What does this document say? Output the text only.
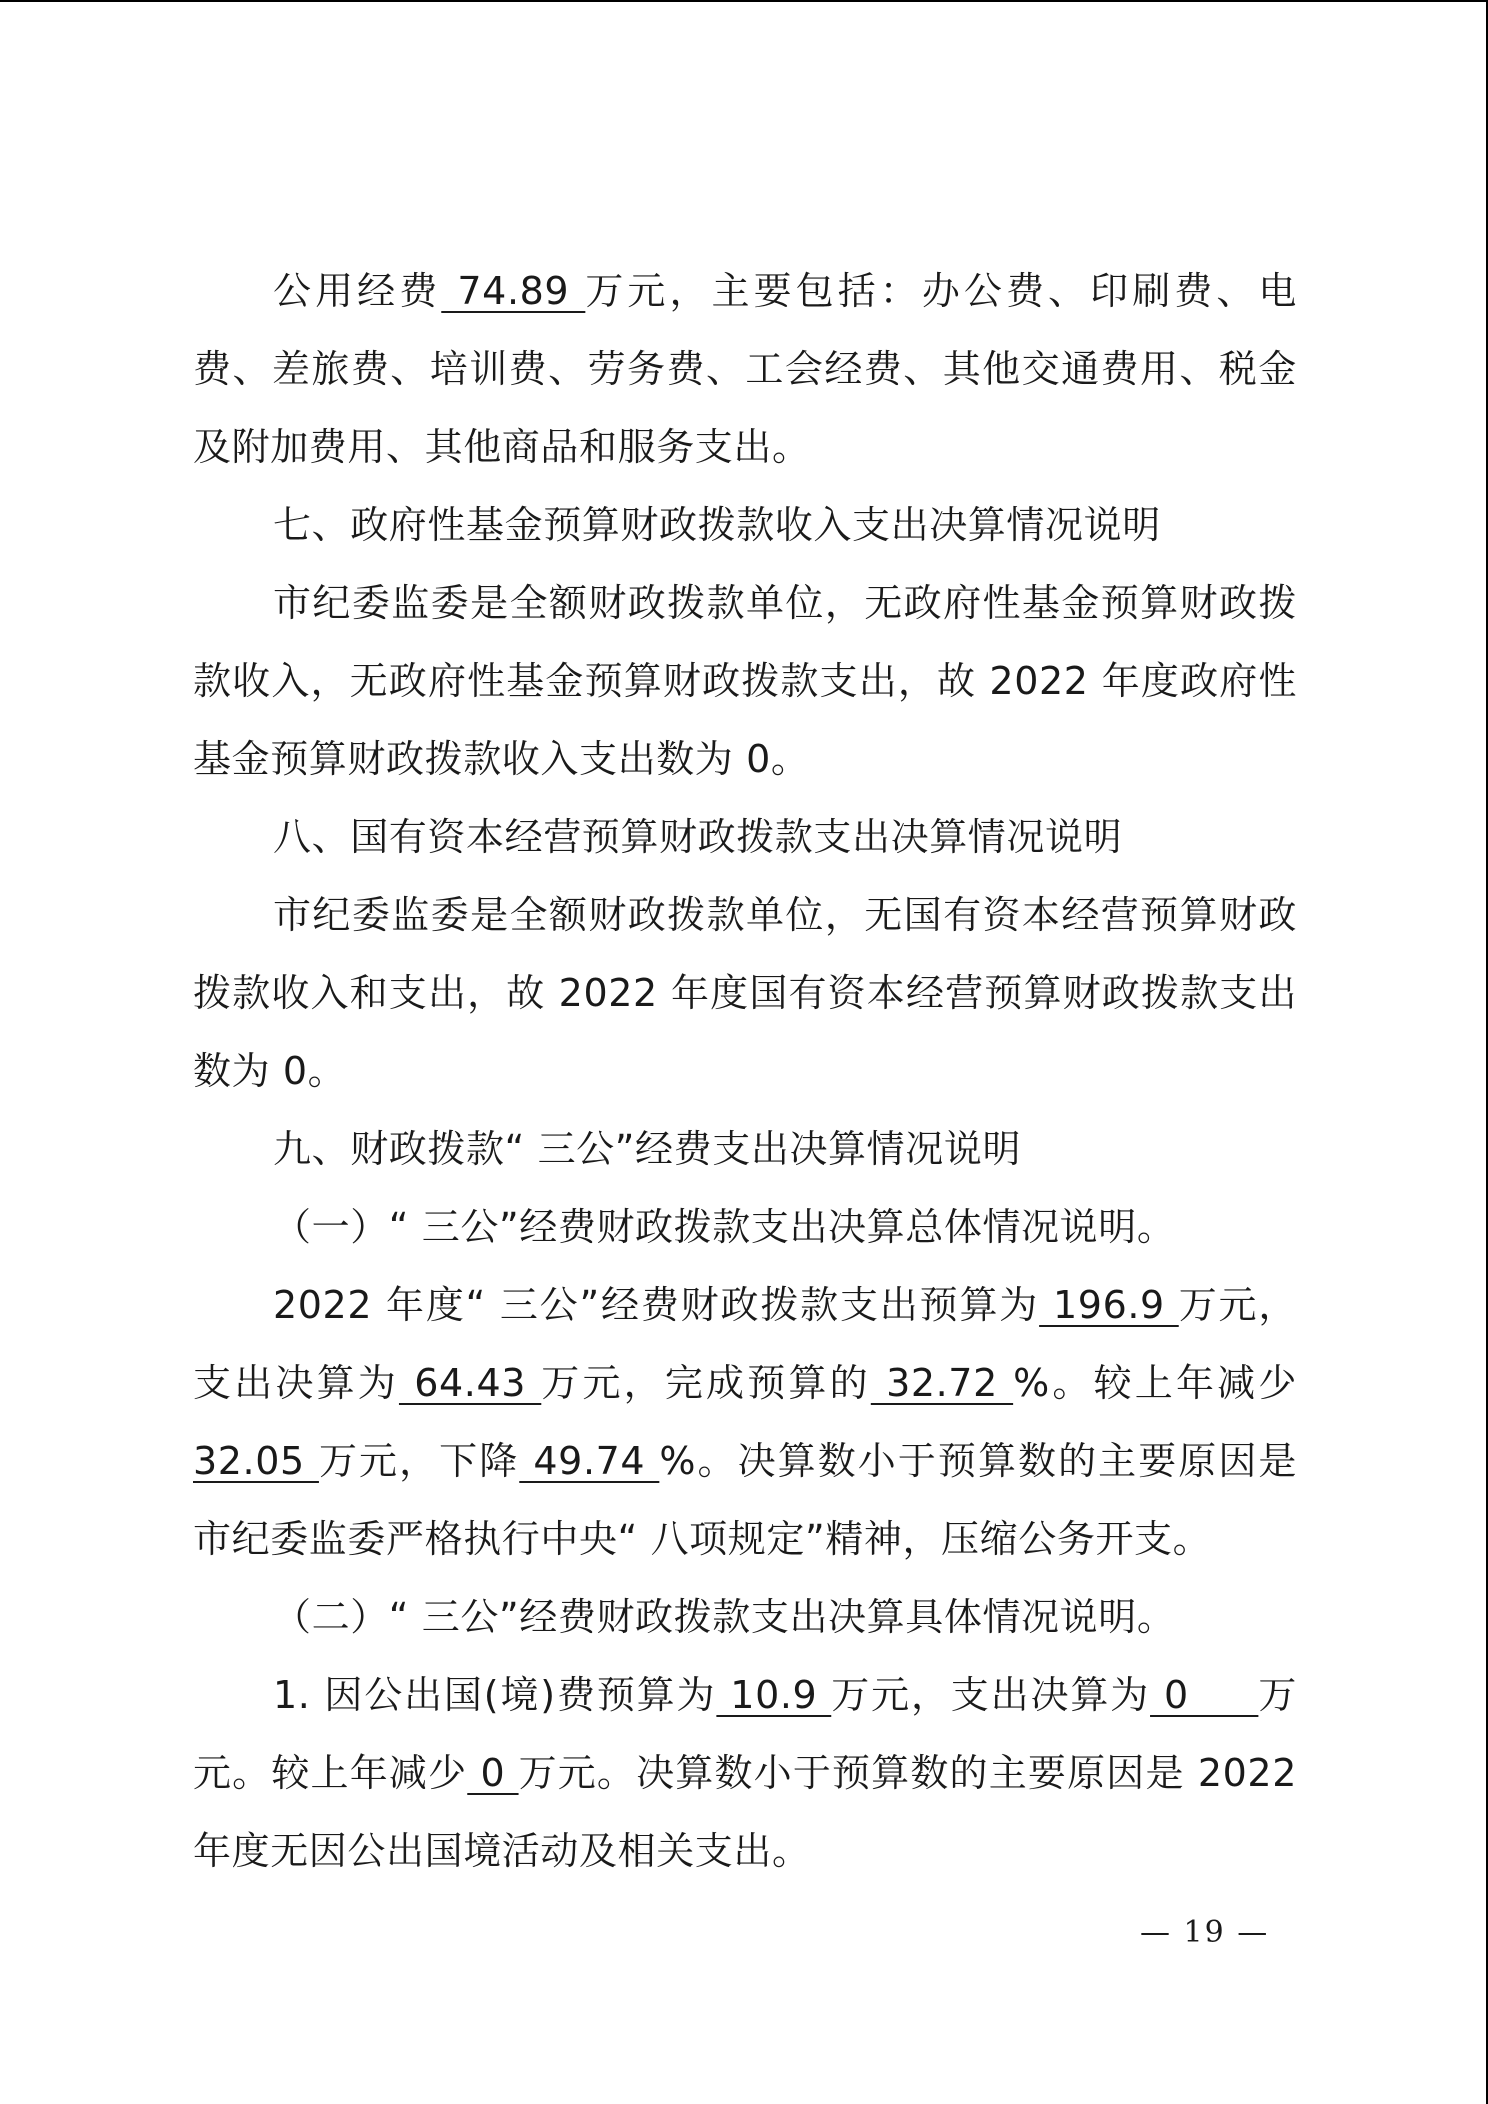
公用经费 74.89 万元，主要包括：办公费、印刷费、电费、差旅费、培训费、劳务费、工会经费、其他交通费用、税金及附加费用、其他商品和服务支出。

七、政府性基金预算财政拨款收入支出决算情况说明

市纪委监委是全额财政拨款单位，无政府性基金预算财政拨款收入，无政府性基金预算财政拨款支出，故 2022 年度政府性基金预算财政拨款收入支出数为 0。

八、国有资本经营预算财政拨款支出决算情况说明

市纪委监委是全额财政拨款单位，无国有资本经营预算财政拨款收入和支出，故 2022 年度国有资本经营预算财政拨款支出数为 0。

九、财政拨款“ 三公”经费支出决算情况说明

（一）“ 三公”经费财政拨款支出决算总体情况说明。

2022 年度“ 三公”经费财政拨款支出预算为 196.9 万元，支出决算为 64.43 万元，完成预算的 32.72 %。较上年减少32.05 万元，下降 49.74 %。决算数小于预算数的主要原因是市纪委监委严格执行中央“ 八项规定”精神，压缩公务开支。

（二）“ 三公”经费财政拨款支出决算具体情况说明。

1. 因公出国(境)费预算为 10.9 万元，支出决算为 0     万元。较上年减少 0 万元。决算数小于预算数的主要原因是 2022 年度无因公出国境活动及相关支出。

— 19 —
